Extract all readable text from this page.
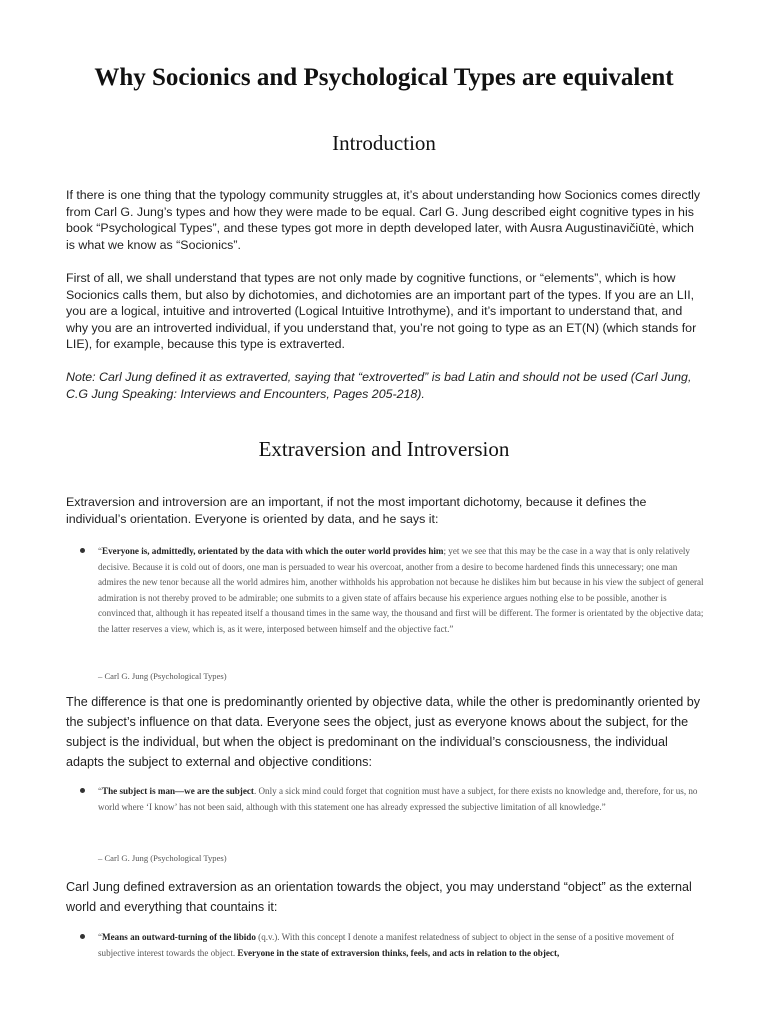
Why Socionics and Psychological Types are equivalent
Introduction

If there is one thing that the typology community struggles at, it’s about understanding how Socionics comes directly from Carl G. Jung’s types and how they were made to be equal. Carl G. Jung described eight cognitive types in his book “Psychological Types”, and these types got more in depth developed later, with Ausra Augustinavičiūtė, which is what we know as “Socionics”.

First of all, we shall understand that types are not only made by cognitive functions, or “elements”, which is how Socionics calls them, but also by dichotomies, and dichotomies are an important part of the types. If you are an LII, you are a logical, intuitive and introverted (Logical Intuitive Introthyme), and it’s important to understand that, and why you are an introverted individual, if you understand that, you’re not going to type as an ET(N) (which stands for LIE), for example, because this type is extraverted.

Note: Carl Jung defined it as extraverted, saying that “extroverted” is bad Latin and should not be used (Carl Jung, C.G Jung Speaking: Interviews and Encounters, Pages 205-218).

Extraversion and Introversion

Extraversion and introversion are an important, if not the most important dichotomy, because it defines the individual’s orientation. Everyone is oriented by data, and he says it:

“Everyone is, admittedly, orientated by the data with which the outer world provides him; yet we see that this may be the case in a way that is only relatively decisive. Because it is cold out of doors, one man is persuaded to wear his overcoat, another from a desire to become hardened finds this unnecessary; one man admires the new tenor because all the world admires him, another withholds his approbation not because he dislikes him but because in his view the subject of general admiration is not thereby proved to be admirable; one submits to a given state of affairs because his experience argues nothing else to be possible, another is convinced that, although it has repeated itself a thousand times in the same way, the thousand and first will be different. The former is orientated by the objective data; the latter reserves a view, which is, as it were, interposed between himself and the objective fact.”

– Carl G. Jung (Psychological Types)

The difference is that one is predominantly oriented by objective data, while the other is predominantly oriented by the subject’s influence on that data. Everyone sees the object, just as everyone knows about the subject, for the subject is the individual, but when the object is predominant on the individual’s consciousness, the individual adapts the subject to external and objective conditions:

“The subject is man—we are the subject. Only a sick mind could forget that cognition must have a subject, for there exists no knowledge and, therefore, for us, no world where ‘I know’ has not been said, although with this statement one has already expressed the subjective limitation of all knowledge.”

– Carl G. Jung (Psychological Types)

Carl Jung defined extraversion as an orientation towards the object, you may understand “object” as the external world and everything that countains it:

“Means an outward-turning of the libido (q.v.). With this concept I denote a manifest relatedness of subject to object in the sense of a positive movement of subjective interest towards the object. Everyone in the state of extraversion thinks, feels, and acts in relation to the object,
